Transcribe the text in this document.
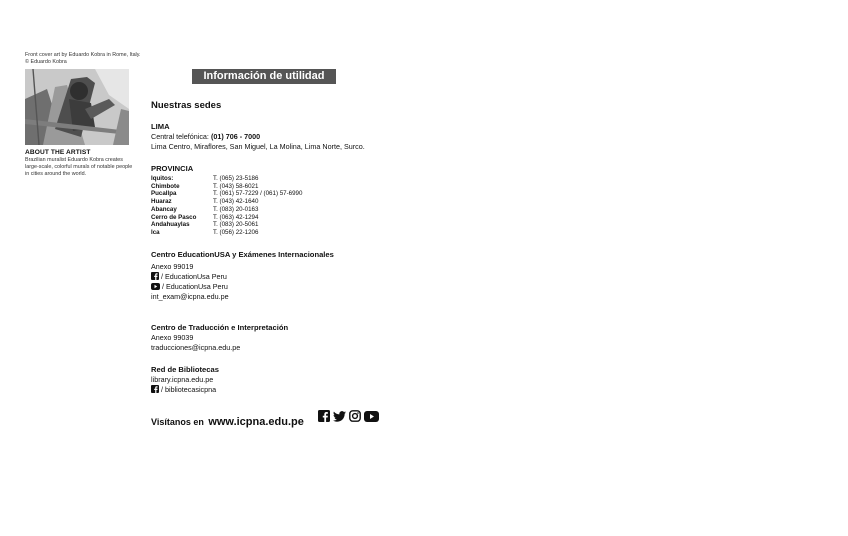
Front cover art by Eduardo Kobra in Rome, Italy.
© Eduardo Kobra
ABOUT THE ARTIST
Brazilian muralist Eduardo Kobra creates large-scale, colorful murals of notable people in cities around the world.
Información de utilidad
Nuestras sedes
LIMA
Central telefónica: (01) 706 - 7000
Lima Centro, Miraflores, San Miguel, La Molina, Lima Norte, Surco.
PROVINCIA
Iquitos:	T. (065) 23-5186
Chimbote	T. (043) 58-6021
Pucallpa	T. (061) 57-7229 / (061) 57-6990
Huaraz	T. (043) 42-1640
Abancay	T. (083) 20-0163
Cerro de Pasco	T. (063) 42-1294
Andahuaylas	T. (083) 20-5061
Ica	T. (056) 22-1206
Centro EducationUSA y Exámenes Internacionales
Anexo 99019
/ EducationUsa Peru
/ EducationUsa Peru
int_exam@icpna.edu.pe
Centro de Traducción e Interpretación
Anexo 99039
traducciones@icpna.edu.pe
Red de Bibliotecas
library.icpna.edu.pe
/ bibliotecasicpna
Visítanos en www.icpna.edu.pe
